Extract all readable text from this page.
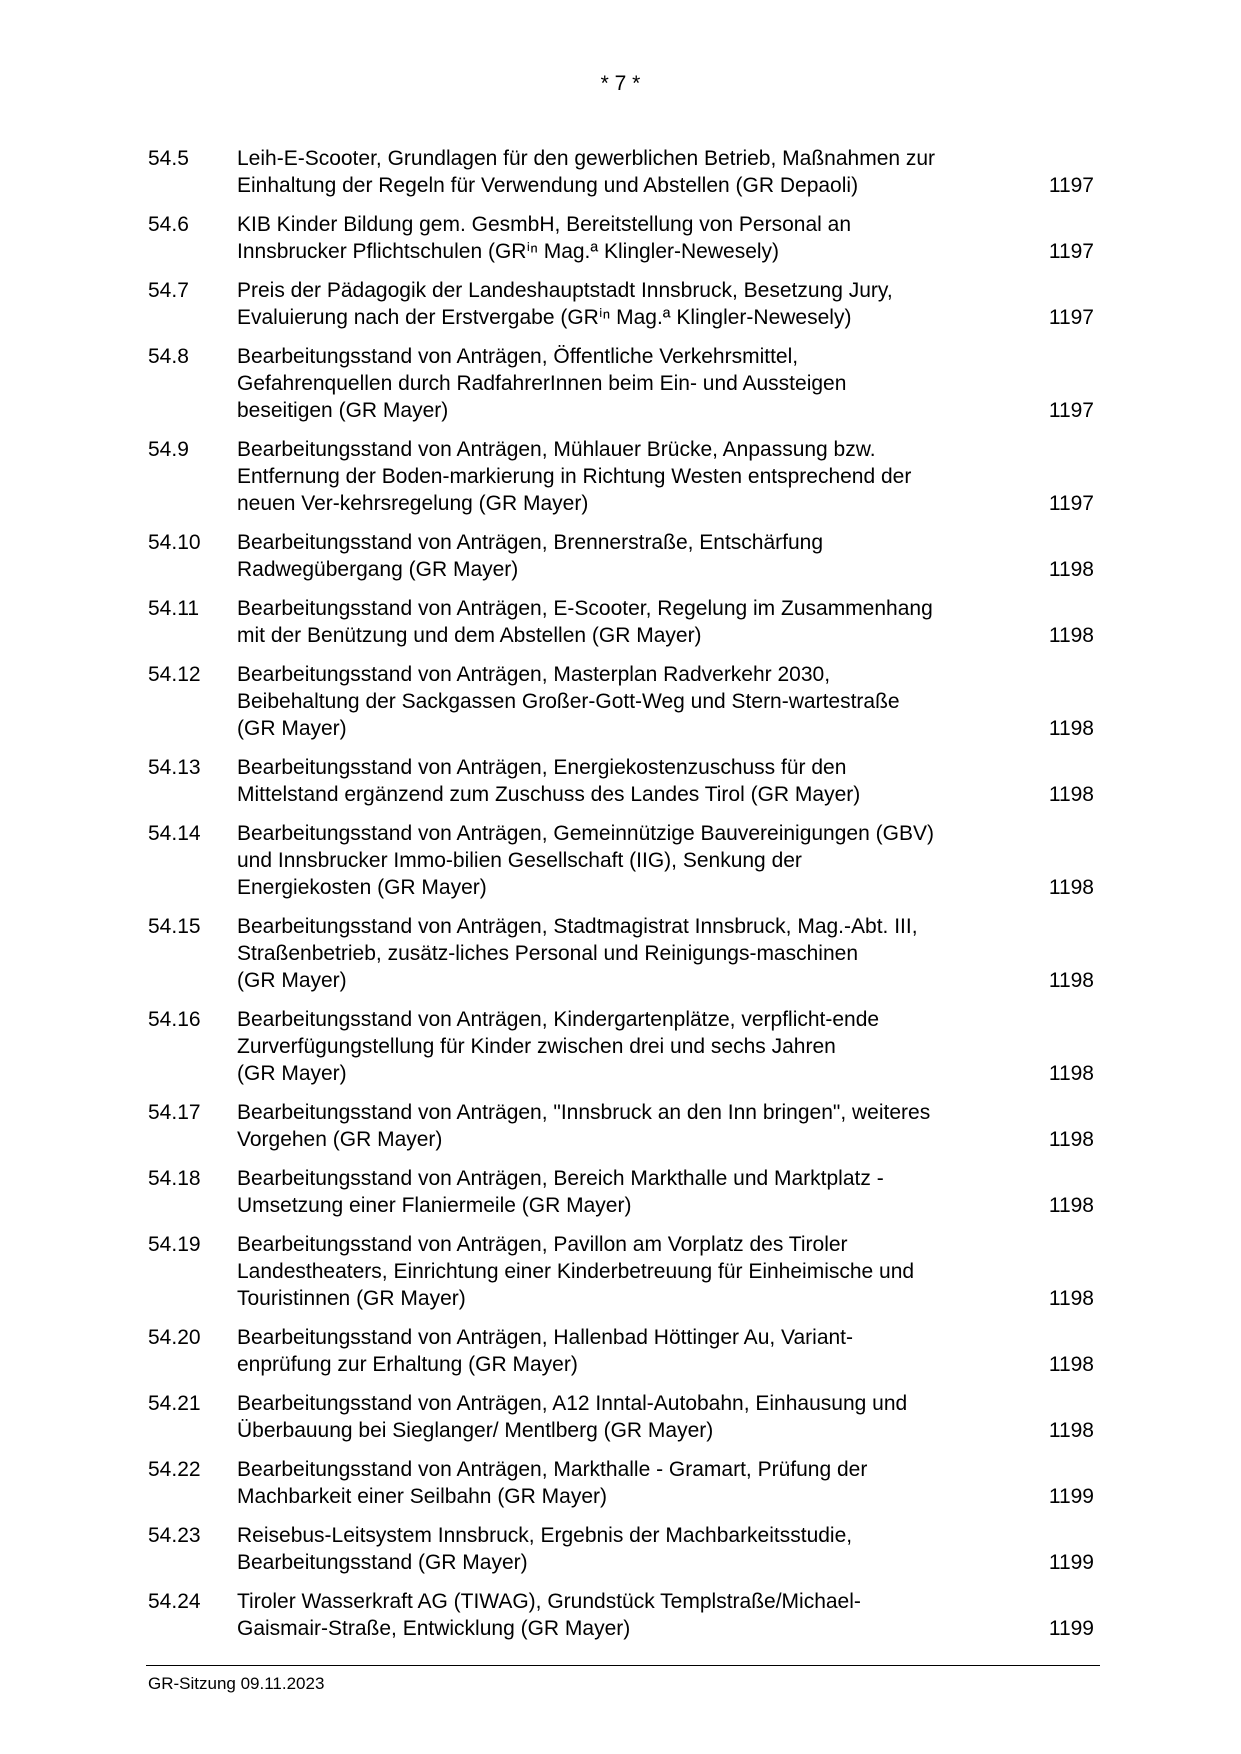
* 7 *
54.5	Leih-E-Scooter, Grundlagen für den gewerblichen Betrieb, Maßnahmen zur
Einhaltung der Regeln für Verwendung und Abstellen (GR Depaoli)	1197
54.6	KIB Kinder Bildung gem. GesmbH, Bereitstellung von Personal an
Innsbrucker Pflichtschulen (GRⁱⁿ Mag.ª Klingler-Newesely)	1197
54.7	Preis der Pädagogik der Landeshauptstadt Innsbruck, Besetzung Jury,
Evaluierung nach der Erstvergabe (GRⁱⁿ Mag.ª Klingler-Newesely)	1197
54.8	Bearbeitungsstand von Anträgen, Öffentliche Verkehrsmittel,
Gefahrenquellen durch RadfahrerInnen beim Ein- und Aussteigen
beseitigen (GR Mayer)	1197
54.9	Bearbeitungsstand von Anträgen, Mühlauer Brücke, Anpassung bzw.
Entfernung der Boden-markierung in Richtung Westen entsprechend der
neuen Ver-kehrsregelung (GR Mayer)	1197
54.10	Bearbeitungsstand von Anträgen, Brennerstraße, Entschärfung
Radwegübergang (GR Mayer)	1198
54.11	Bearbeitungsstand von Anträgen, E-Scooter, Regelung im Zusammenhang
mit der Benützung und dem Abstellen (GR Mayer)	1198
54.12	Bearbeitungsstand von Anträgen, Masterplan Radverkehr 2030,
Beibehaltung der Sackgassen Großer-Gott-Weg und Stern-wartestraße
(GR Mayer)	1198
54.13	Bearbeitungsstand von Anträgen, Energiekostenzuschuss für den
Mittelstand ergänzend zum Zuschuss des Landes Tirol (GR Mayer)	1198
54.14	Bearbeitungsstand von Anträgen, Gemeinnützige Bauvereinigungen (GBV)
und Innsbrucker Immo-bilien Gesellschaft (IIG), Senkung der
Energiekosten (GR Mayer)	1198
54.15	Bearbeitungsstand von Anträgen, Stadtmagistrat Innsbruck, Mag.-Abt. III,
Straßenbetrieb, zusätz-liches Personal und Reinigungs-maschinen
(GR Mayer)	1198
54.16	Bearbeitungsstand von Anträgen, Kindergartenplätze, verpflicht-ende
Zurverfügungstellung für Kinder zwischen drei und sechs Jahren
(GR Mayer)	1198
54.17	Bearbeitungsstand von Anträgen, "Innsbruck an den Inn bringen", weiteres
Vorgehen (GR Mayer)	1198
54.18	Bearbeitungsstand von Anträgen, Bereich Markthalle und Marktplatz -
Umsetzung einer Flaniermeile (GR Mayer)	1198
54.19	Bearbeitungsstand von Anträgen, Pavillon am Vorplatz des Tiroler
Landestheaters, Einrichtung einer Kinderbetreuung für Einheimische und
Touristinnen (GR Mayer)	1198
54.20	Bearbeitungsstand von Anträgen, Hallenbad Höttinger Au, Variant-
enprüfung zur Erhaltung (GR Mayer)	1198
54.21	Bearbeitungsstand von Anträgen, A12 Inntal-Autobahn, Einhausung und
Überbauung bei Sieglanger/ Mentlberg (GR Mayer)	1198
54.22	Bearbeitungsstand von Anträgen, Markthalle - Gramart, Prüfung der
Machbarkeit einer Seilbahn (GR Mayer)	1199
54.23	Reisebus-Leitsystem Innsbruck, Ergebnis der Machbarkeitsstudie,
Bearbeitungsstand (GR Mayer)	1199
54.24	Tiroler Wasserkraft AG (TIWAG), Grundstück Templstraße/Michael-
Gaismair-Straße, Entwicklung (GR Mayer)	1199
GR-Sitzung 09.11.2023
